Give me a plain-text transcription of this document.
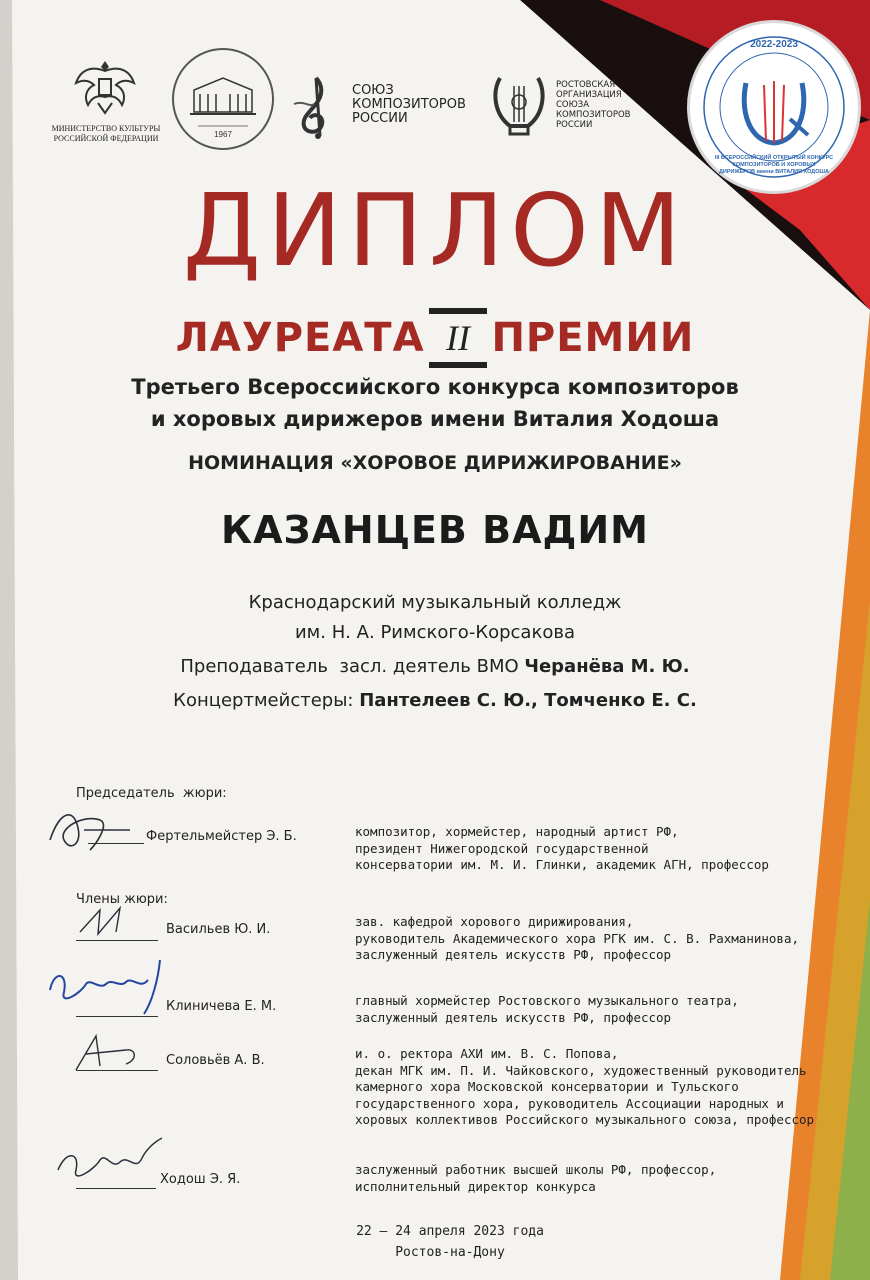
МИНИСТЕРСТВО КУЛЬТУРЫ
РОССИЙСКОЙ ФЕДЕРАЦИИ	1967
СОЮЗ
КОМПОЗИТОРОВ
РОССИИ
РОСТОВСКАЯ
ОРГАНИЗАЦИЯ
СОЮЗА
КОМПОЗИТОРОВ
РОССИИ
2022-2023
III ВСЕРОССИЙСКИЙ ОТКРЫТЫЙ КОНКУРС КОМПОЗИТОРОВ И ХОРОВЫХ ДИРИЖЁРОВ имени ВИТАЛИЯ ХОДОША
ДИПЛОМ
ЛАУРЕАТА II ПРЕМИИ
Третьего Всероссийского конкурса композиторов
и хоровых дирижеров имени Виталия Ходоша
НОМИНАЦИЯ «ХОРОВОЕ ДИРИЖИРОВАНИЕ»
КАЗАНЦЕВ ВАДИМ
Краснодарский музыкальный колледж
им. Н. А. Римского-Корсакова
Преподаватель  засл. деятель ВМО Черанёва М. Ю.
Концертмейстеры: Пантелеев С. Ю., Томченко Е. С.
Председатель  жюри:
Фертельмейстер Э. Б.	композитор, хормейстер, народный артист РФ,
президент Нижегородской государственной
консерватории им. М. И. Глинки, академик АГН, профессор
Члены жюри:
Васильев Ю. И.
зав. кафедрой хорового дирижирования,
руководитель Академического хора РГК им. С. В. Рахманинова,
заслуженный деятель искусств РФ, профессор
Клиничева Е. М.	главный хормейстер Ростовского музыкального театра,
заслуженный деятель искусств РФ, профессор
Соловьёв А. В.	и. о. ректора АХИ им. В. С. Попова,
декан МГК им. П. И. Чайковского, художественный руководитель
камерного хора Московской консерватории и Тульского
государственного хора, руководитель Ассоциации народных и
хоровых коллективов Российского музыкального союза, профессор
Ходош Э. Я.
заслуженный работник высшей школы РФ, профессор,
исполнительный директор конкурса
22 – 24 апреля 2023 года
Ростов-на-Дону
